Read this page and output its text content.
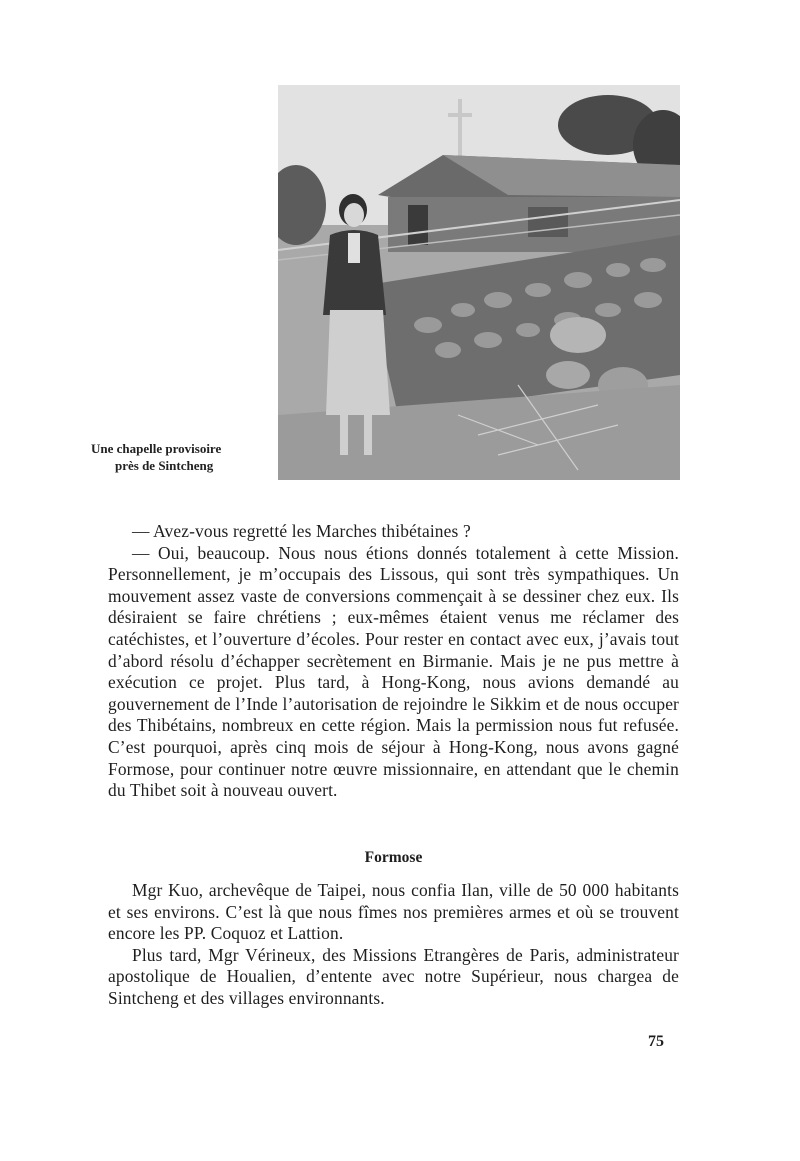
Une chapelle provisoire
près de Sintcheng

— Avez-vous regretté les Marches thibétaines ?

— Oui, beaucoup. Nous nous étions donnés totalement à cette Mission. Personnellement, je m’occupais des Lissous, qui sont très sympathiques. Un mouvement assez vaste de conversions commençait à se dessiner chez eux. Ils désiraient se faire chrétiens ; eux-mêmes étaient venus me réclamer des catéchistes, et l’ouverture d’écoles. Pour rester en contact avec eux, j’avais tout d’abord résolu d’échapper secrètement en Birmanie. Mais je ne pus mettre à exécution ce projet. Plus tard, à Hong-Kong, nous avions demandé au gouvernement de l’Inde l’autorisation de rejoindre le Sikkim et de nous occuper des Thibétains, nombreux en cette région. Mais la permission nous fut refusée. C’est pourquoi, après cinq mois de séjour à Hong-Kong, nous avons gagné Formose, pour continuer notre œuvre missionnaire, en attendant que le chemin du Thibet soit à nouveau ouvert.

Formose

Mgr Kuo, archevêque de Taipei, nous confia Ilan, ville de 50 000 habitants et ses environs. C’est là que nous fîmes nos premières armes et où se trouvent encore les PP. Coquoz et Lattion.

Plus tard, Mgr Vérineux, des Missions Etrangères de Paris, administrateur apostolique de Houalien, d’entente avec notre Supérieur, nous chargea de Sintcheng et des villages environnants.

75
